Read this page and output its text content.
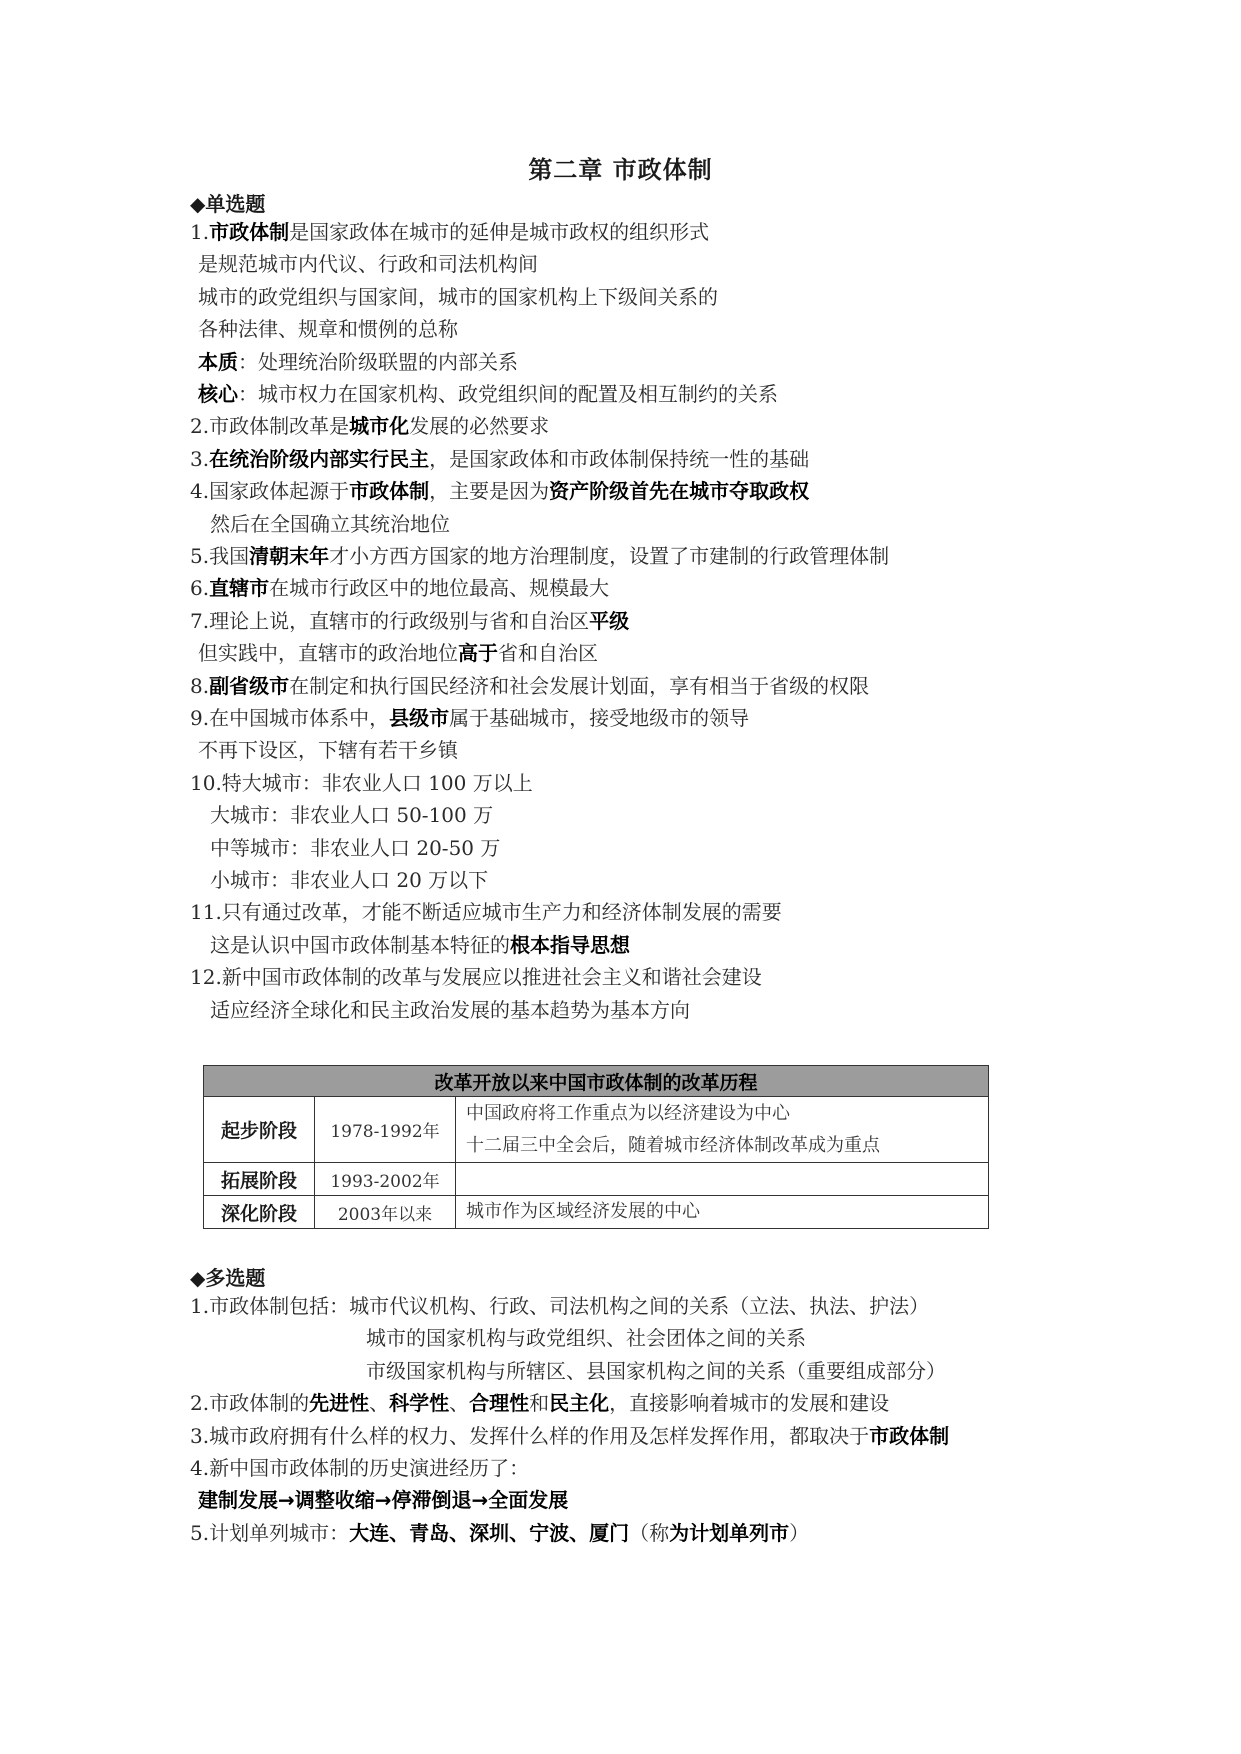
第二章 市政体制
◆单选题
1.市政体制是国家政体在城市的延伸是城市政权的组织形式
是规范城市内代议、行政和司法机构间
城市的政党组织与国家间，城市的国家机构上下级间关系的
各种法律、规章和惯例的总称
本质：处理统治阶级联盟的内部关系
核心：城市权力在国家机构、政党组织间的配置及相互制约的关系
2.市政体制改革是城市化发展的必然要求
3.在统治阶级内部实行民主，是国家政体和市政体制保持统一性的基础
4.国家政体起源于市政体制，主要是因为资产阶级首先在城市夺取政权
然后在全国确立其统治地位
5.我国清朝末年才小方西方国家的地方治理制度，设置了市建制的行政管理体制
6.直辖市在城市行政区中的地位最高、规模最大
7.理论上说，直辖市的行政级别与省和自治区平级
但实践中，直辖市的政治地位高于省和自治区
8.副省级市在制定和执行国民经济和社会发展计划面，享有相当于省级的权限
9.在中国城市体系中，县级市属于基础城市，接受地级市的领导
不再下设区，下辖有若干乡镇
10.特大城市：非农业人口 100 万以上
大城市：非农业人口 50-100 万
中等城市：非农业人口 20-50 万
小城市：非农业人口 20 万以下
11.只有通过改革，才能不断适应城市生产力和经济体制发展的需要
这是认识中国市政体制基本特征的根本指导思想
12.新中国市政体制的改革与发展应以推进社会主义和谐社会建设
适应经济全球化和民主政治发展的基本趋势为基本方向
改革开放以来中国市政体制的改革历程		
起步阶段	1978-1992年	中国政府将工作重点为以经济建设为中心
十二届三中全会后，随着城市经济体制改革成为重点

拓展阶段	1993-2002年	

深化阶段	2003年以来	城市作为区域经济发展的中心
◆多选题
1.市政体制包括：城市代议机构、行政、司法机构之间的关系（立法、执法、护法）
城市的国家机构与政党组织、社会团体之间的关系
市级国家机构与所辖区、县国家机构之间的关系（重要组成部分）
2.市政体制的先进性、科学性、合理性和民主化，直接影响着城市的发展和建设
3.城市政府拥有什么样的权力、发挥什么样的作用及怎样发挥作用，都取决于市政体制
4.新中国市政体制的历史演进经历了：
建制发展→调整收缩→停滞倒退→全面发展
5.计划单列城市：大连、青岛、深圳、宁波、厦门（称为计划单列市）
